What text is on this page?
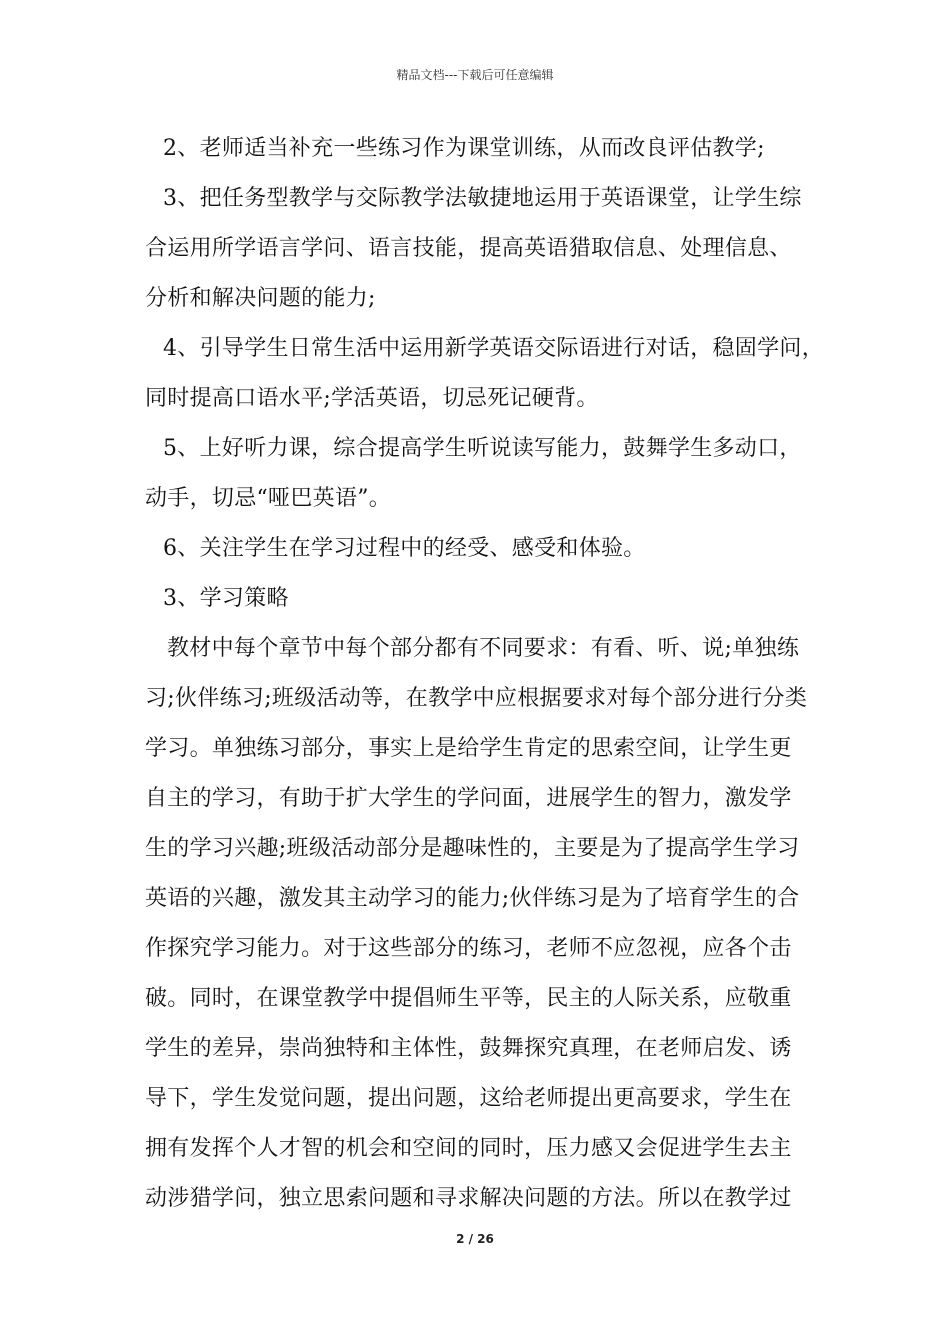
精品文档---下载后可任意编辑
2、老师适当补充一些练习作为课堂训练，从而改良评估教学;
3、把任务型教学与交际教学法敏捷地运用于英语课堂，让学生综
合运用所学语言学问、语言技能，提高英语猎取信息、处理信息、
分析和解决问题的能力;
4、引导学生日常生活中运用新学英语交际语进行对话，稳固学问，
同时提高口语水平;学活英语，切忌死记硬背。
5、上好听力课，综合提高学生听说读写能力，鼓舞学生多动口，
动手，切忌“哑巴英语”。
6、关注学生在学习过程中的经受、感受和体验。
3、学习策略
教材中每个章节中每个部分都有不同要求：有看、听、说;单独练
习;伙伴练习;班级活动等，在教学中应根据要求对每个部分进行分类
学习。单独练习部分，事实上是给学生肯定的思索空间，让学生更
自主的学习，有助于扩大学生的学问面，进展学生的智力，激发学
生的学习兴趣;班级活动部分是趣味性的，主要是为了提高学生学习
英语的兴趣，激发其主动学习的能力;伙伴练习是为了培育学生的合
作探究学习能力。对于这些部分的练习，老师不应忽视，应各个击
破。同时，在课堂教学中提倡师生平等，民主的人际关系，应敬重
学生的差异，崇尚独特和主体性，鼓舞探究真理，在老师启发、诱
导下，学生发觉问题，提出问题，这给老师提出更高要求，学生在
拥有发挥个人才智的机会和空间的同时，压力感又会促进学生去主
动涉猎学问，独立思索问题和寻求解决问题的方法。所以在教学过
2 / 26
